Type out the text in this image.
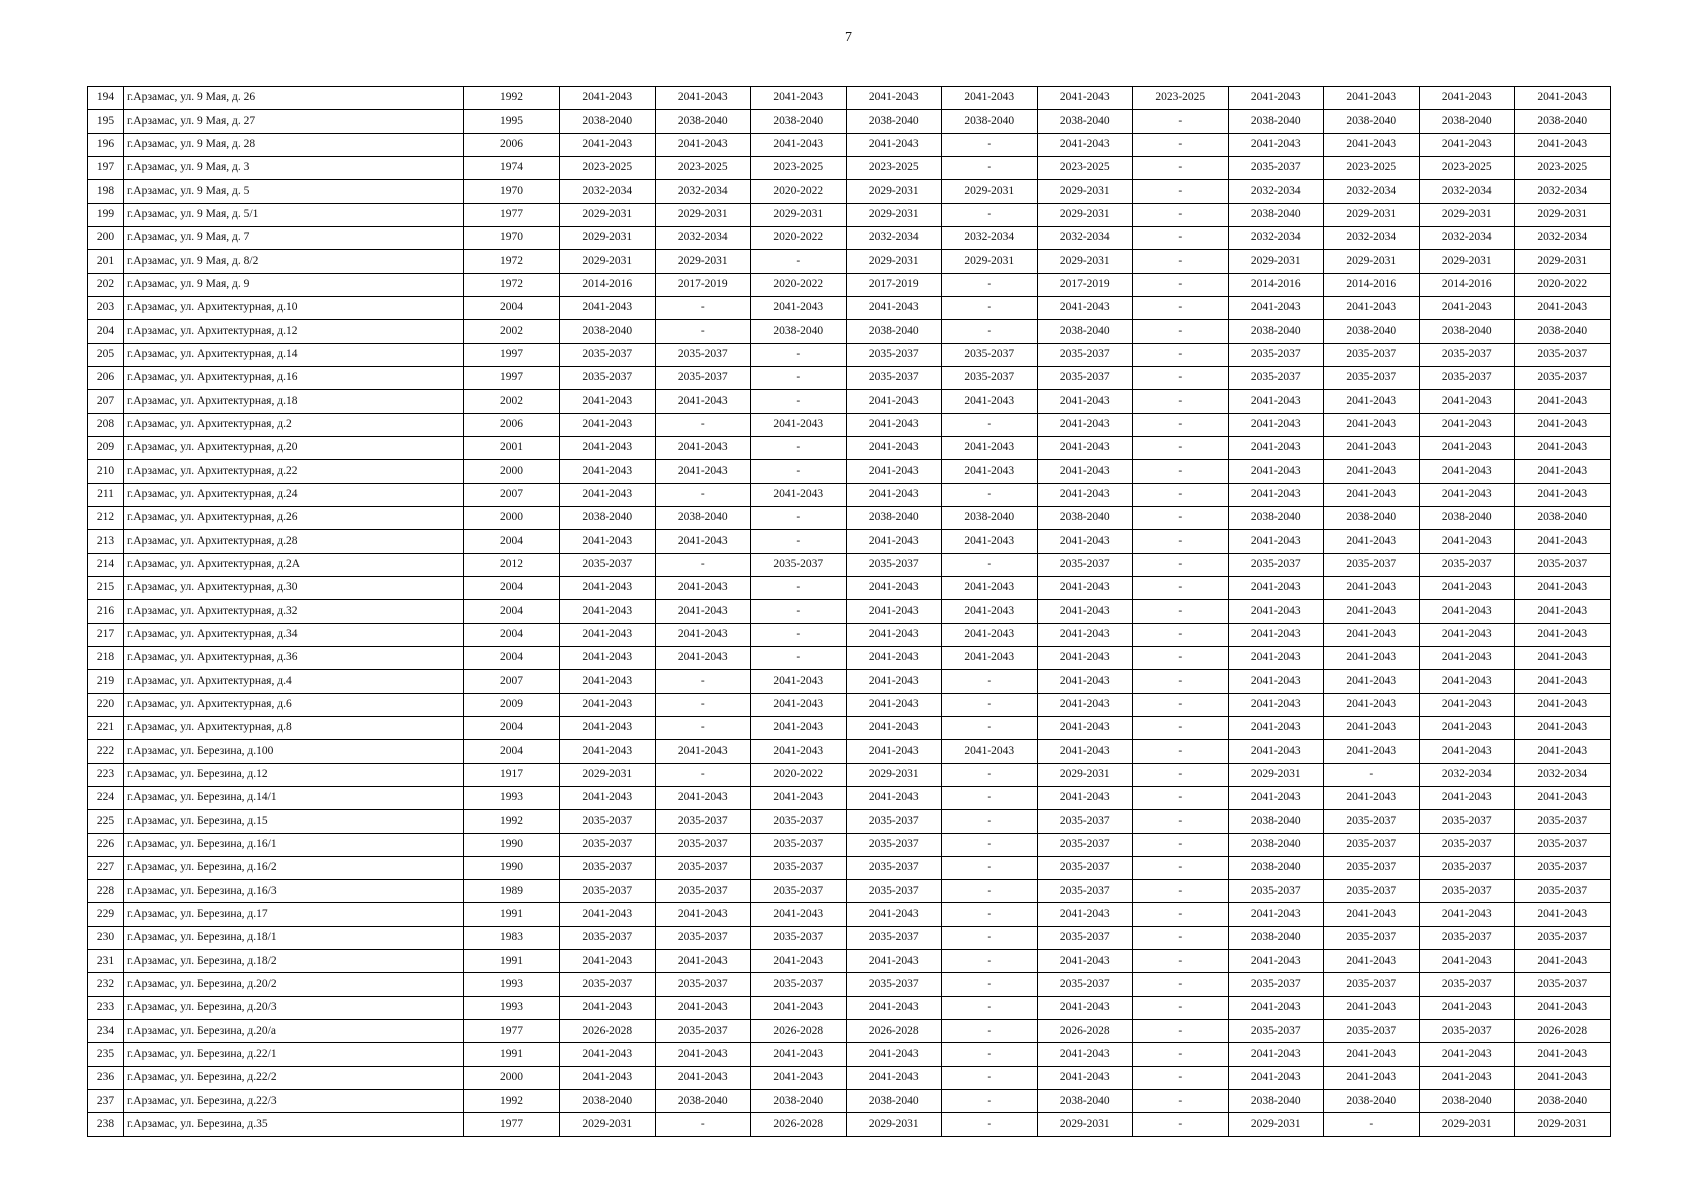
7
194	г.Арзамас, ул. 9 Мая, д. 26	1992	2041-2043	2041-2043	2041-2043	2041-2043	2041-2043	2041-2043	2023-2025	2041-2043	2041-2043	2041-2043	2041-2043
195	г.Арзамас, ул. 9 Мая, д. 27	1995	2038-2040	2038-2040	2038-2040	2038-2040	2038-2040	2038-2040	-	2038-2040	2038-2040	2038-2040	2038-2040
196	г.Арзамас, ул. 9 Мая, д. 28	2006	2041-2043	2041-2043	2041-2043	2041-2043	-	2041-2043	-	2041-2043	2041-2043	2041-2043	2041-2043
197	г.Арзамас, ул. 9 Мая, д. 3	1974	2023-2025	2023-2025	2023-2025	2023-2025	-	2023-2025	-	2035-2037	2023-2025	2023-2025	2023-2025
198	г.Арзамас, ул. 9 Мая, д. 5	1970	2032-2034	2032-2034	2020-2022	2029-2031	2029-2031	2029-2031	-	2032-2034	2032-2034	2032-2034	2032-2034
199	г.Арзамас, ул. 9 Мая, д. 5/1	1977	2029-2031	2029-2031	2029-2031	2029-2031	-	2029-2031	-	2038-2040	2029-2031	2029-2031	2029-2031
200	г.Арзамас, ул. 9 Мая, д. 7	1970	2029-2031	2032-2034	2020-2022	2032-2034	2032-2034	2032-2034	-	2032-2034	2032-2034	2032-2034	2032-2034
201	г.Арзамас, ул. 9 Мая, д. 8/2	1972	2029-2031	2029-2031	-	2029-2031	2029-2031	2029-2031	-	2029-2031	2029-2031	2029-2031	2029-2031
202	г.Арзамас, ул. 9 Мая, д. 9	1972	2014-2016	2017-2019	2020-2022	2017-2019	-	2017-2019	-	2014-2016	2014-2016	2014-2016	2020-2022
203	г.Арзамас, ул. Архитектурная, д.10	2004	2041-2043	-	2041-2043	2041-2043	-	2041-2043	-	2041-2043	2041-2043	2041-2043	2041-2043
204	г.Арзамас, ул. Архитектурная, д.12	2002	2038-2040	-	2038-2040	2038-2040	-	2038-2040	-	2038-2040	2038-2040	2038-2040	2038-2040
205	г.Арзамас, ул. Архитектурная, д.14	1997	2035-2037	2035-2037	-	2035-2037	2035-2037	2035-2037	-	2035-2037	2035-2037	2035-2037	2035-2037
206	г.Арзамас, ул. Архитектурная, д.16	1997	2035-2037	2035-2037	-	2035-2037	2035-2037	2035-2037	-	2035-2037	2035-2037	2035-2037	2035-2037
207	г.Арзамас, ул. Архитектурная, д.18	2002	2041-2043	2041-2043	-	2041-2043	2041-2043	2041-2043	-	2041-2043	2041-2043	2041-2043	2041-2043
208	г.Арзамас, ул. Архитектурная, д.2	2006	2041-2043	-	2041-2043	2041-2043	-	2041-2043	-	2041-2043	2041-2043	2041-2043	2041-2043
209	г.Арзамас, ул. Архитектурная, д.20	2001	2041-2043	2041-2043	-	2041-2043	2041-2043	2041-2043	-	2041-2043	2041-2043	2041-2043	2041-2043
210	г.Арзамас, ул. Архитектурная, д.22	2000	2041-2043	2041-2043	-	2041-2043	2041-2043	2041-2043	-	2041-2043	2041-2043	2041-2043	2041-2043
211	г.Арзамас, ул. Архитектурная, д.24	2007	2041-2043	-	2041-2043	2041-2043	-	2041-2043	-	2041-2043	2041-2043	2041-2043	2041-2043
212	г.Арзамас, ул. Архитектурная, д.26	2000	2038-2040	2038-2040	-	2038-2040	2038-2040	2038-2040	-	2038-2040	2038-2040	2038-2040	2038-2040
213	г.Арзамас, ул. Архитектурная, д.28	2004	2041-2043	2041-2043	-	2041-2043	2041-2043	2041-2043	-	2041-2043	2041-2043	2041-2043	2041-2043
214	г.Арзамас, ул. Архитектурная, д.2А	2012	2035-2037	-	2035-2037	2035-2037	-	2035-2037	-	2035-2037	2035-2037	2035-2037	2035-2037
215	г.Арзамас, ул. Архитектурная, д.30	2004	2041-2043	2041-2043	-	2041-2043	2041-2043	2041-2043	-	2041-2043	2041-2043	2041-2043	2041-2043
216	г.Арзамас, ул. Архитектурная, д.32	2004	2041-2043	2041-2043	-	2041-2043	2041-2043	2041-2043	-	2041-2043	2041-2043	2041-2043	2041-2043
217	г.Арзамас, ул. Архитектурная, д.34	2004	2041-2043	2041-2043	-	2041-2043	2041-2043	2041-2043	-	2041-2043	2041-2043	2041-2043	2041-2043
218	г.Арзамас, ул. Архитектурная, д.36	2004	2041-2043	2041-2043	-	2041-2043	2041-2043	2041-2043	-	2041-2043	2041-2043	2041-2043	2041-2043
219	г.Арзамас, ул. Архитектурная, д.4	2007	2041-2043	-	2041-2043	2041-2043	-	2041-2043	-	2041-2043	2041-2043	2041-2043	2041-2043
220	г.Арзамас, ул. Архитектурная, д.6	2009	2041-2043	-	2041-2043	2041-2043	-	2041-2043	-	2041-2043	2041-2043	2041-2043	2041-2043
221	г.Арзамас, ул. Архитектурная, д.8	2004	2041-2043	-	2041-2043	2041-2043	-	2041-2043	-	2041-2043	2041-2043	2041-2043	2041-2043
222	г.Арзамас, ул. Березина, д.100	2004	2041-2043	2041-2043	2041-2043	2041-2043	2041-2043	2041-2043	-	2041-2043	2041-2043	2041-2043	2041-2043
223	г.Арзамас, ул. Березина, д.12	1917	2029-2031	-	2020-2022	2029-2031	-	2029-2031	-	2029-2031	-	2032-2034	2032-2034
224	г.Арзамас, ул. Березина, д.14/1	1993	2041-2043	2041-2043	2041-2043	2041-2043	-	2041-2043	-	2041-2043	2041-2043	2041-2043	2041-2043
225	г.Арзамас, ул. Березина, д.15	1992	2035-2037	2035-2037	2035-2037	2035-2037	-	2035-2037	-	2038-2040	2035-2037	2035-2037	2035-2037
226	г.Арзамас, ул. Березина, д.16/1	1990	2035-2037	2035-2037	2035-2037	2035-2037	-	2035-2037	-	2038-2040	2035-2037	2035-2037	2035-2037
227	г.Арзамас, ул. Березина, д.16/2	1990	2035-2037	2035-2037	2035-2037	2035-2037	-	2035-2037	-	2038-2040	2035-2037	2035-2037	2035-2037
228	г.Арзамас, ул. Березина, д.16/3	1989	2035-2037	2035-2037	2035-2037	2035-2037	-	2035-2037	-	2035-2037	2035-2037	2035-2037	2035-2037
229	г.Арзамас, ул. Березина, д.17	1991	2041-2043	2041-2043	2041-2043	2041-2043	-	2041-2043	-	2041-2043	2041-2043	2041-2043	2041-2043
230	г.Арзамас, ул. Березина, д.18/1	1983	2035-2037	2035-2037	2035-2037	2035-2037	-	2035-2037	-	2038-2040	2035-2037	2035-2037	2035-2037
231	г.Арзамас, ул. Березина, д.18/2	1991	2041-2043	2041-2043	2041-2043	2041-2043	-	2041-2043	-	2041-2043	2041-2043	2041-2043	2041-2043
232	г.Арзамас, ул. Березина, д.20/2	1993	2035-2037	2035-2037	2035-2037	2035-2037	-	2035-2037	-	2035-2037	2035-2037	2035-2037	2035-2037
233	г.Арзамас, ул. Березина, д.20/3	1993	2041-2043	2041-2043	2041-2043	2041-2043	-	2041-2043	-	2041-2043	2041-2043	2041-2043	2041-2043
234	г.Арзамас, ул. Березина, д.20/а	1977	2026-2028	2035-2037	2026-2028	2026-2028	-	2026-2028	-	2035-2037	2035-2037	2035-2037	2026-2028
235	г.Арзамас, ул. Березина, д.22/1	1991	2041-2043	2041-2043	2041-2043	2041-2043	-	2041-2043	-	2041-2043	2041-2043	2041-2043	2041-2043
236	г.Арзамас, ул. Березина, д.22/2	2000	2041-2043	2041-2043	2041-2043	2041-2043	-	2041-2043	-	2041-2043	2041-2043	2041-2043	2041-2043
237	г.Арзамас, ул. Березина, д.22/3	1992	2038-2040	2038-2040	2038-2040	2038-2040	-	2038-2040	-	2038-2040	2038-2040	2038-2040	2038-2040
238	г.Арзамас, ул. Березина, д.35	1977	2029-2031	-	2026-2028	2029-2031	-	2029-2031	-	2029-2031	-	2029-2031	2029-2031
